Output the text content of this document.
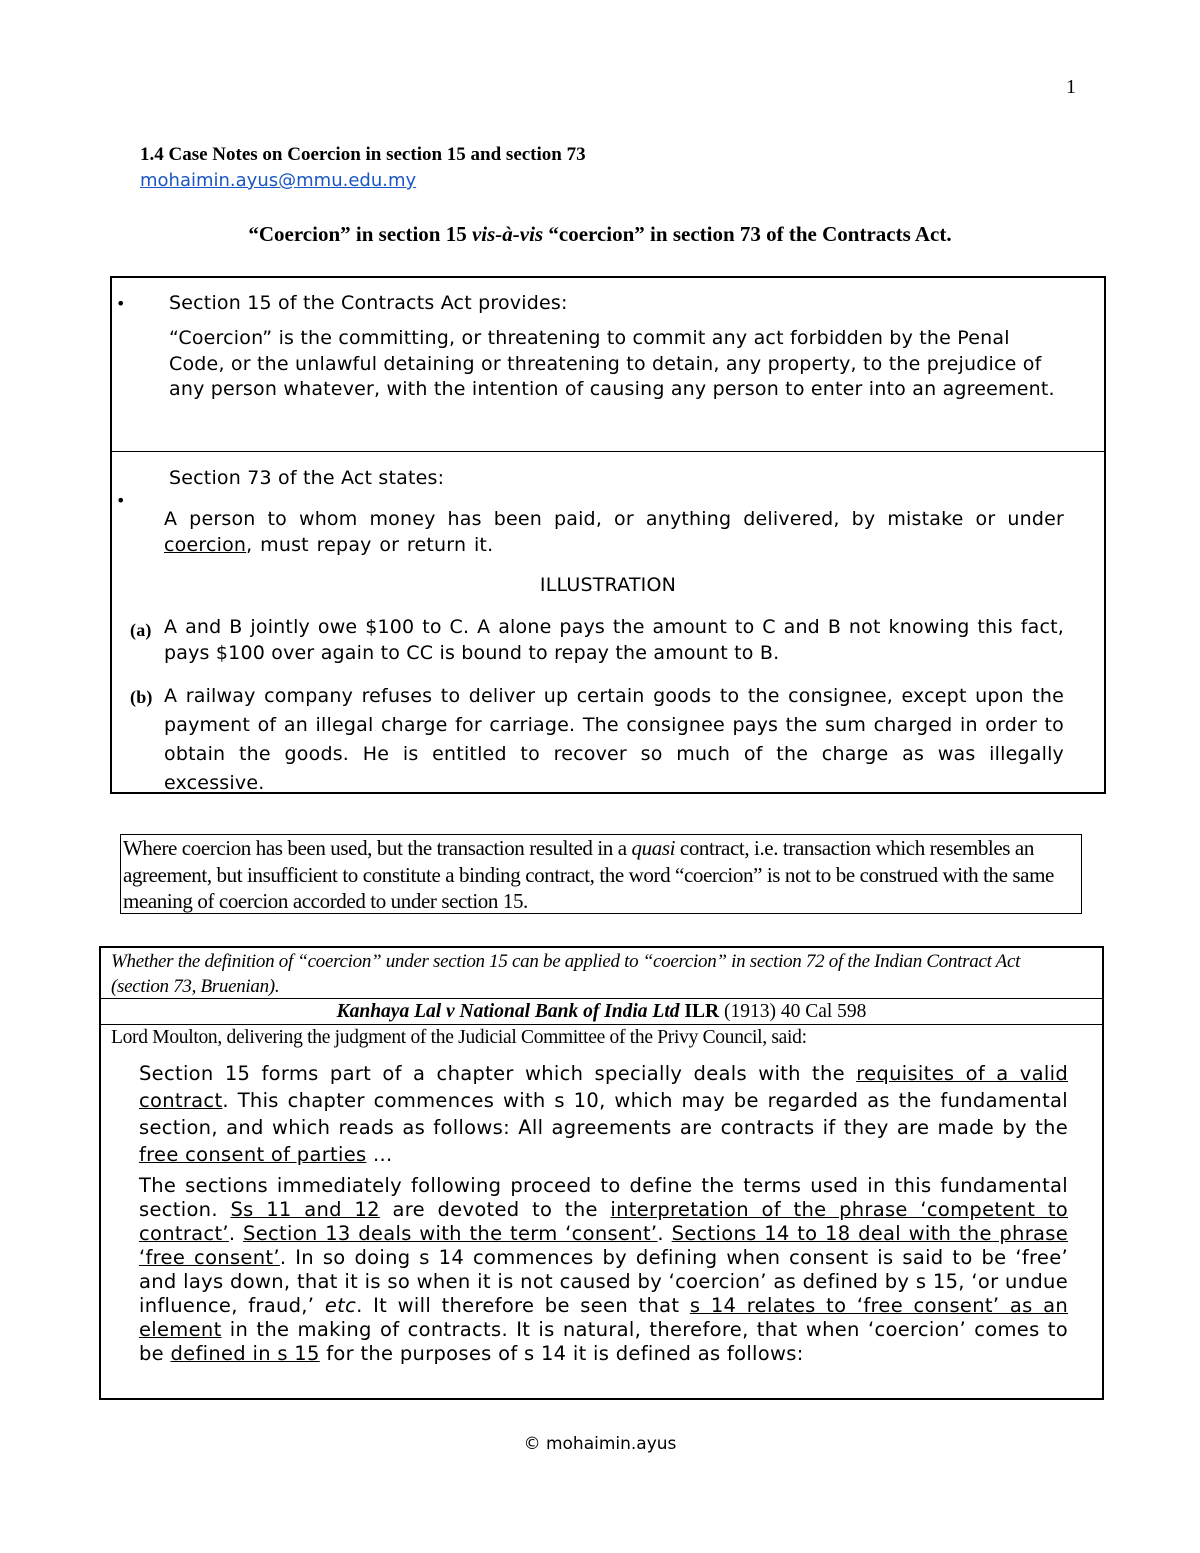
1
1.4 Case Notes on Coercion in section 15 and section 73
mohaimin.ayus@mmu.edu.my
“Coercion” in section 15 vis-à-vis “coercion” in section 73 of the Contracts Act.
• Section 15 of the Contracts Act provides:
“Coercion” is the committing, or threatening to commit any act forbidden by the Penal Code, or the unlawful detaining or threatening to detain, any property, to the prejudice of any person whatever, with the intention of causing any person to enter into an agreement.
•
Section 73 of the Act states:
A person to whom money has been paid, or anything delivered, by mistake or under coercion, must repay or return it.
ILLUSTRATION
(a) A and B jointly owe $100 to C. A alone pays the amount to C and B not knowing this fact, pays $100 over again to CC is bound to repay the amount to B.
(b) A railway company refuses to deliver up certain goods to the consignee, except upon the payment of an illegal charge for carriage. The consignee pays the sum charged in order to obtain the goods. He is entitled to recover so much of the charge as was illegally excessive.
Where coercion has been used, but the transaction resulted in a quasi contract, i.e. transaction which resembles an agreement, but insufficient to constitute a binding contract, the word “coercion” is not to be construed with the same meaning of coercion accorded to under section 15.
Whether the definition of “coercion” under section 15 can be applied to “coercion” in section 72 of the Indian Contract Act (section 73, Bruenian).
Kanhaya Lal v National Bank of India Ltd ILR (1913) 40 Cal 598
Lord Moulton, delivering the judgment of the Judicial Committee of the Privy Council, said:
Section 15 forms part of a chapter which specially deals with the requisites of a valid contract. This chapter commences with s 10, which may be regarded as the fundamental section, and which reads as follows: All agreements are contracts if they are made by the free consent of parties ...
The sections immediately following proceed to define the terms used in this fundamental section. Ss 11 and 12 are devoted to the interpretation of the phrase ‘competent to contract’. Section 13 deals with the term ‘consent’. Sections 14 to 18 deal with the phrase ‘free consent’. In so doing s 14 commences by defining when consent is said to be ‘free’ and lays down, that it is so when it is not caused by ‘coercion’ as defined by s 15, ‘or undue influence, fraud,’ etc. It will therefore be seen that s 14 relates to ‘free consent’ as an element in the making of contracts. It is natural, therefore, that when ‘coercion’ comes to be defined in s 15 for the purposes of s 14 it is defined as follows:
© mohaimin.ayus
